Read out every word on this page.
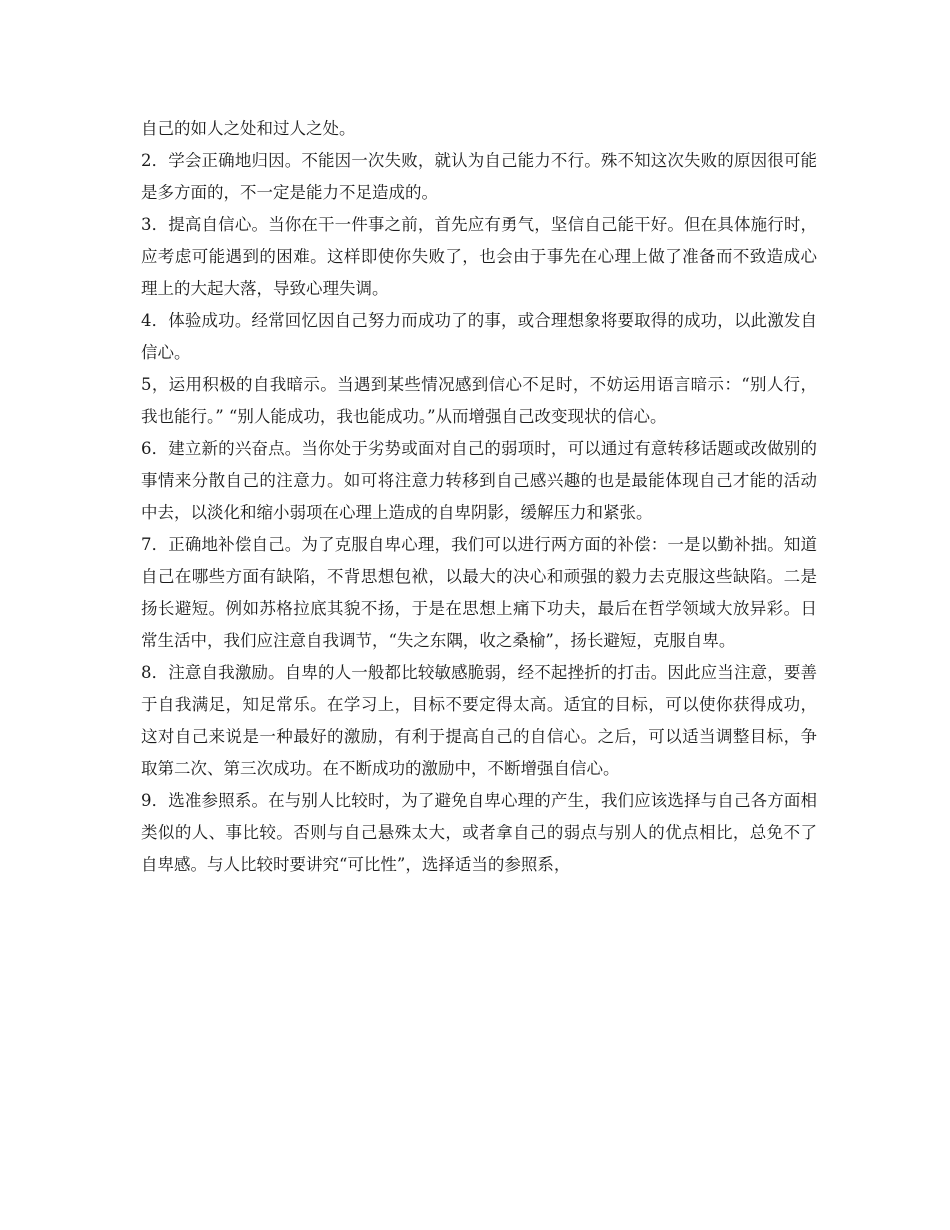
自己的如人之处和过人之处。

2．学会正确地归因。不能因一次失败，就认为自己能力不行。殊不知这次失败的原因很可能是多方面的，不一定是能力不足造成的。

3．提高自信心。当你在干一件事之前，首先应有勇气，坚信自己能干好。但在具体施行时，应考虑可能遇到的困难。这样即使你失败了，也会由于事先在心理上做了准备而不致造成心理上的大起大落，导致心理失调。

4．体验成功。经常回忆因自己努力而成功了的事，或合理想象将要取得的成功，以此激发自信心。

5，运用积极的自我暗示。当遇到某些情况感到信心不足时，不妨运用语言暗示：“别人行，我也能行。” “别人能成功，我也能成功。”从而增强自己改变现状的信心。

6．建立新的兴奋点。当你处于劣势或面对自己的弱项时，可以通过有意转移话题或改做别的事情来分散自己的注意力。如可将注意力转移到自己感兴趣的也是最能体现自己才能的活动中去，以淡化和缩小弱项在心理上造成的自卑阴影，缓解压力和紧张。

7．正确地补偿自己。为了克服自卑心理，我们可以进行两方面的补偿：一是以勤补拙。知道自己在哪些方面有缺陷，不背思想包袱，以最大的决心和顽强的毅力去克服这些缺陷。二是扬长避短。例如苏格拉底其貌不扬，于是在思想上痛下功夫，最后在哲学领域大放异彩。日常生活中，我们应注意自我调节，“失之东隅，收之桑榆”，扬长避短，克服自卑。

8．注意自我激励。自卑的人一般都比较敏感脆弱，经不起挫折的打击。因此应当注意，要善于自我满足，知足常乐。在学习上，目标不要定得太高。适宜的目标，可以使你获得成功，这对自己来说是一种最好的激励，有利于提高自己的自信心。之后，可以适当调整目标，争取第二次、第三次成功。在不断成功的激励中，不断增强自信心。

9．选准参照系。在与别人比较时，为了避免自卑心理的产生，我们应该选择与自己各方面相类似的人、事比较。否则与自己悬殊太大，或者拿自己的弱点与别人的优点相比，总免不了自卑感。与人比较时要讲究“可比性”，选择适当的参照系，
